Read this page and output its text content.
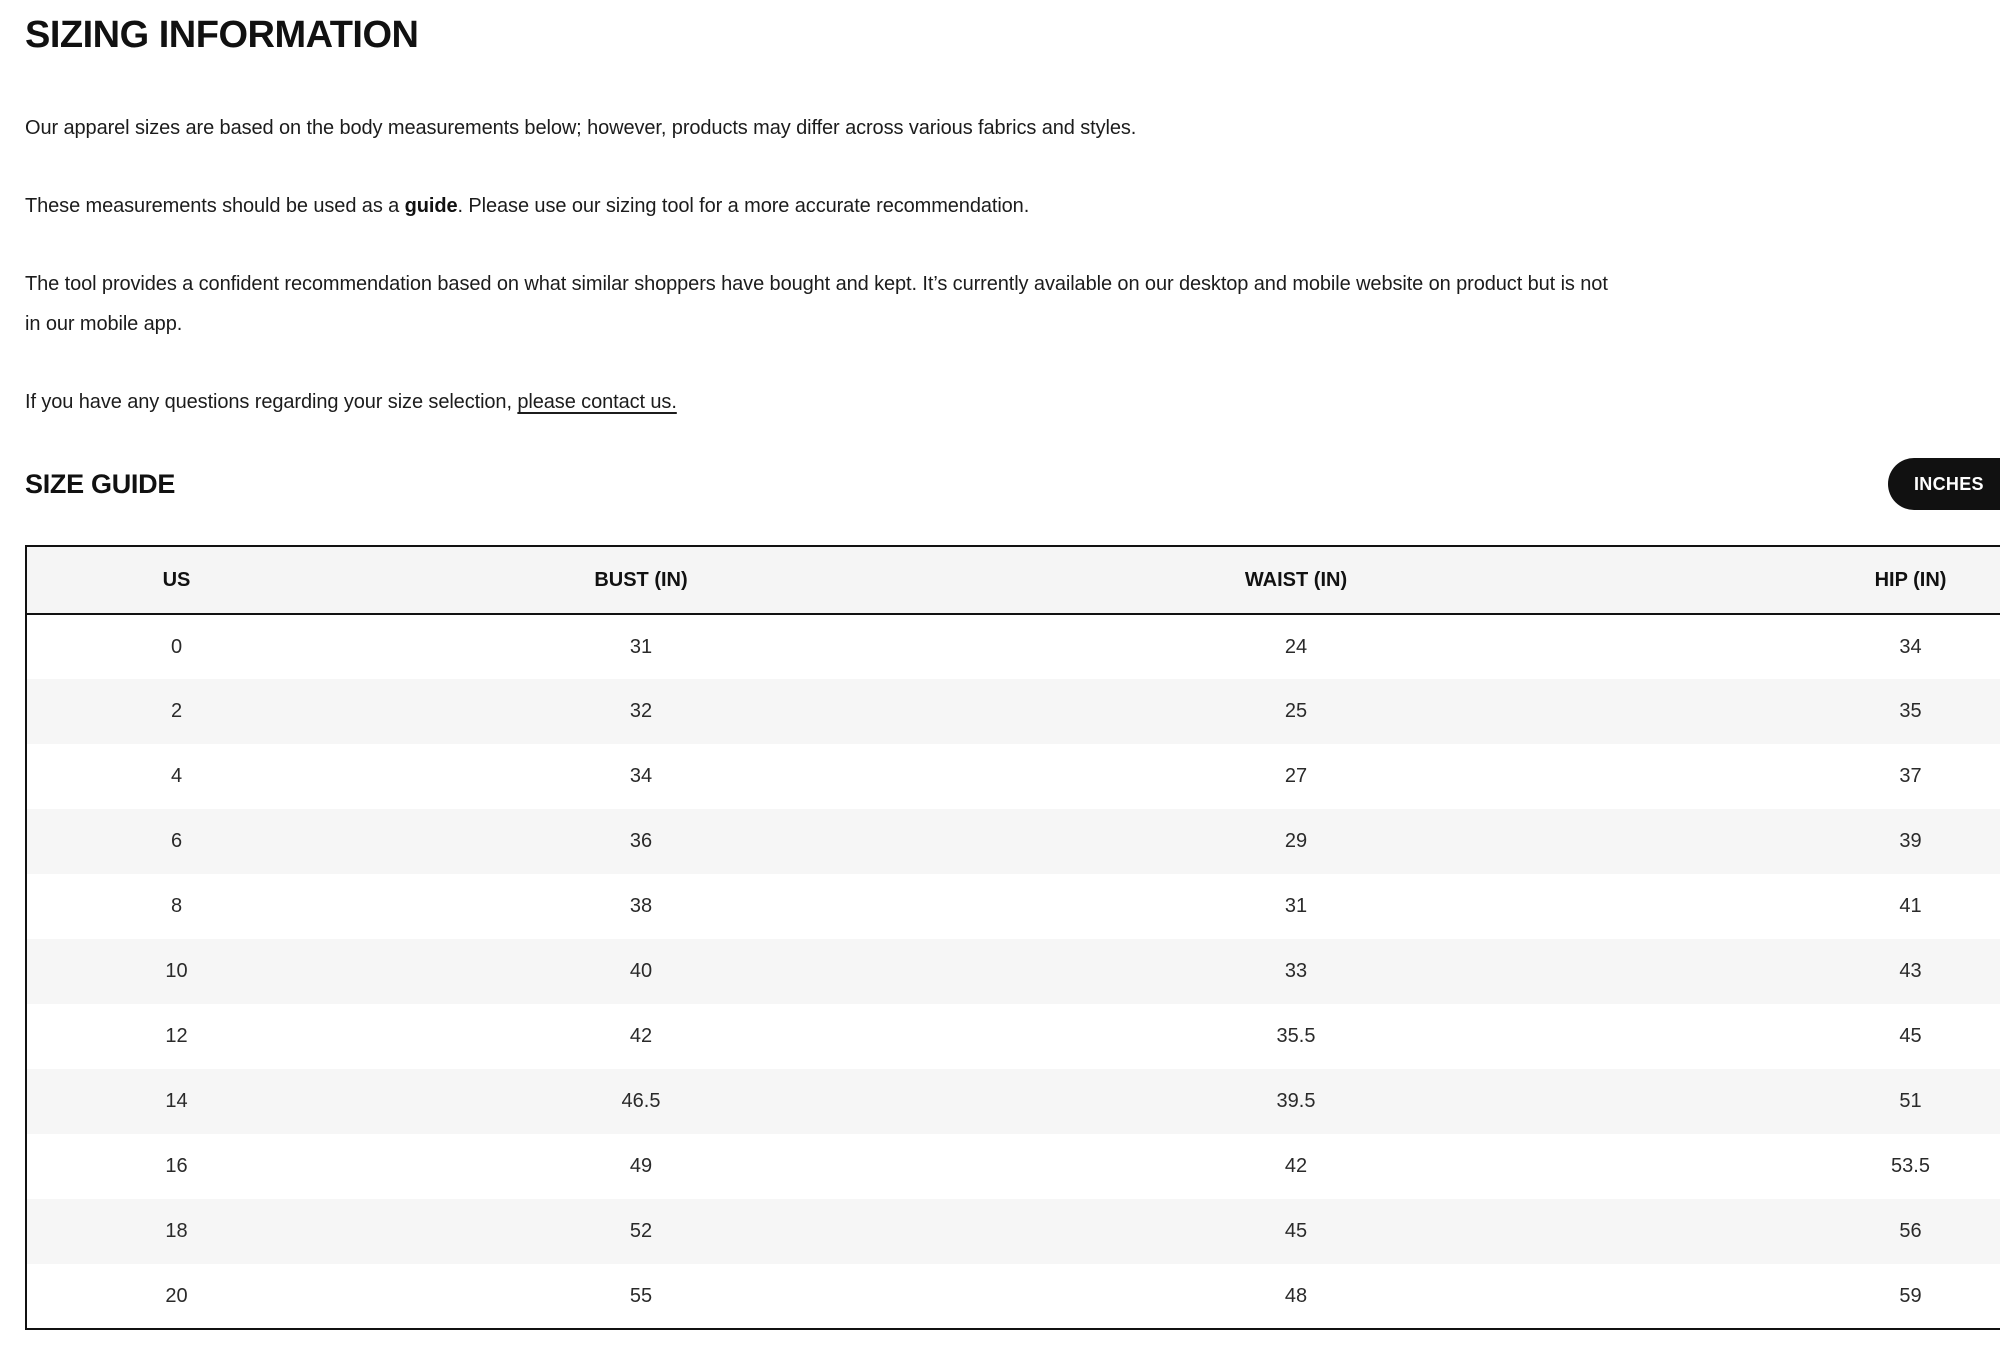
SIZING INFORMATION

Our apparel sizes are based on the body measurements below; however, products may differ across various fabrics and styles.

These measurements should be used as a guide. Please use our sizing tool for a more accurate recommendation.

The tool provides a confident recommendation based on what similar shoppers have bought and kept. It’s currently available on our desktop and mobile website on product but is not
in our mobile app.

If you have any questions regarding your size selection, please contact us.

SIZE GUIDE	INCHES
US	BUST (IN)	WAIST (IN)	HIP (IN)
0	31	24	34
2	32	25	35
4	34	27	37
6	36	29	39
8	38	31	41
10	40	33	43
12	42	35.5	45
14	46.5	39.5	51
16	49	42	53.5
18	52	45	56
20	55	48	59
